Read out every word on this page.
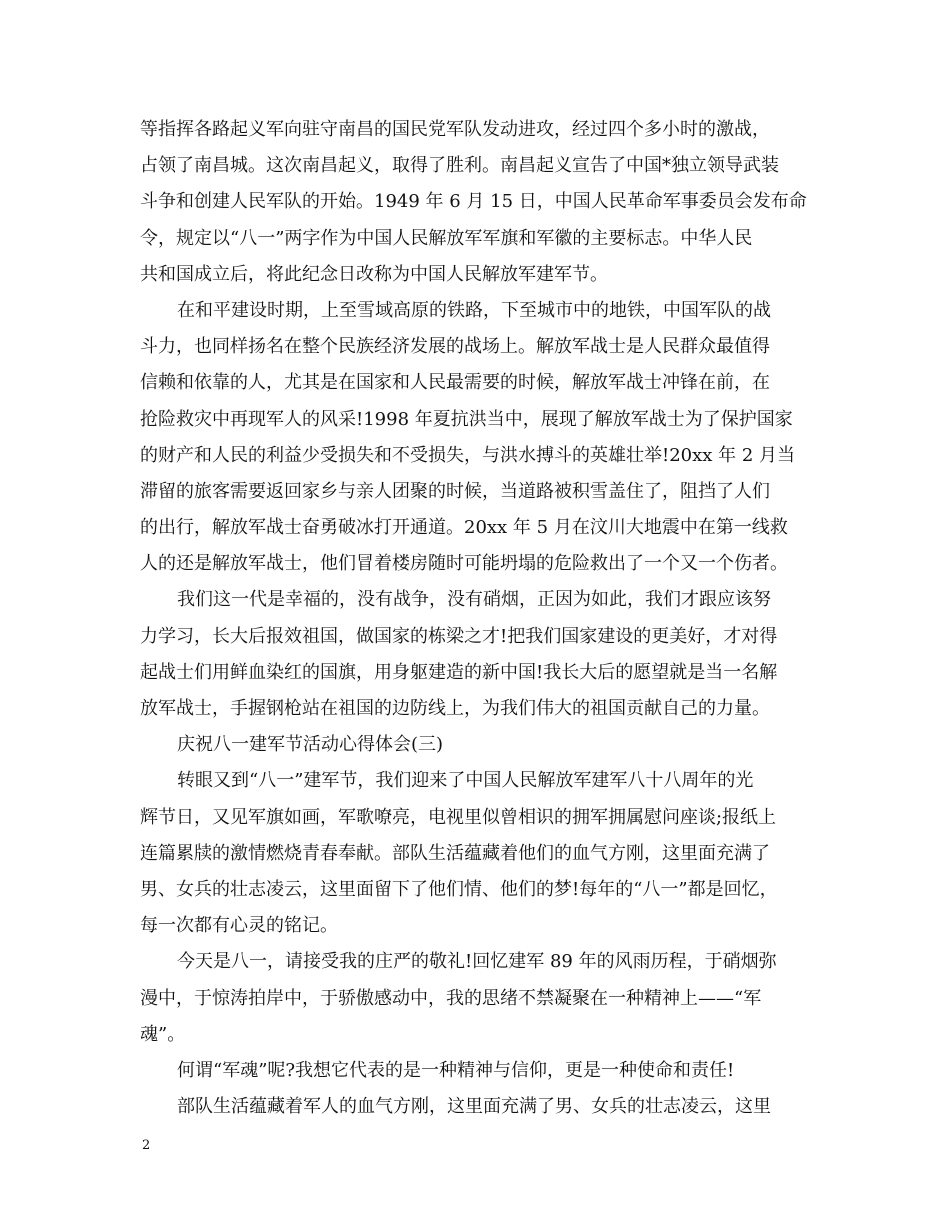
等指挥各路起义军向驻守南昌的国民党军队发动进攻，经过四个多小时的激战，
占领了南昌城。这次南昌起义，取得了胜利。南昌起义宣告了中国*独立领导武装
斗争和创建人民军队的开始。1949 年 6 月 15 日，中国人民革命军事委员会发布命
令，规定以“八一”两字作为中国人民解放军军旗和军徽的主要标志。中华人民
共和国成立后，将此纪念日改称为中国人民解放军建军节。
在和平建设时期，上至雪域高原的铁路，下至城市中的地铁，中国军队的战
斗力，也同样扬名在整个民族经济发展的战场上。解放军战士是人民群众最值得
信赖和依靠的人，尤其是在国家和人民最需要的时候，解放军战士冲锋在前，在
抢险救灾中再现军人的风采!1998 年夏抗洪当中，展现了解放军战士为了保护国家
的财产和人民的利益少受损失和不受损失，与洪水搏斗的英雄壮举!20xx 年 2 月当
滞留的旅客需要返回家乡与亲人团聚的时候，当道路被积雪盖住了，阻挡了人们
的出行，解放军战士奋勇破冰打开通道。20xx 年 5 月在汶川大地震中在第一线救
人的还是解放军战士，他们冒着楼房随时可能坍塌的危险救出了一个又一个伤者。
我们这一代是幸福的，没有战争，没有硝烟，正因为如此，我们才跟应该努
力学习，长大后报效祖国，做国家的栋梁之才!把我们国家建设的更美好，才对得
起战士们用鲜血染红的国旗，用身躯建造的新中国!我长大后的愿望就是当一名解
放军战士，手握钢枪站在祖国的边防线上，为我们伟大的祖国贡献自己的力量。
庆祝八一建军节活动心得体会(三)
转眼又到“八一”建军节，我们迎来了中国人民解放军建军八十八周年的光
辉节日，又见军旗如画，军歌嘹亮，电视里似曾相识的拥军拥属慰问座谈;报纸上
连篇累牍的激情燃烧青春奉献。部队生活蕴藏着他们的血气方刚，这里面充满了
男、女兵的壮志凌云，这里面留下了他们情、他们的梦!每年的“八一”都是回忆，
每一次都有心灵的铭记。
今天是八一，请接受我的庄严的敬礼!回忆建军 89 年的风雨历程，于硝烟弥
漫中，于惊涛拍岸中，于骄傲感动中，我的思绪不禁凝聚在一种精神上——“军
魂”。
何谓“军魂”呢?我想它代表的是一种精神与信仰，更是一种使命和责任!
部队生活蕴藏着军人的血气方刚，这里面充满了男、女兵的壮志凌云，这里
2
